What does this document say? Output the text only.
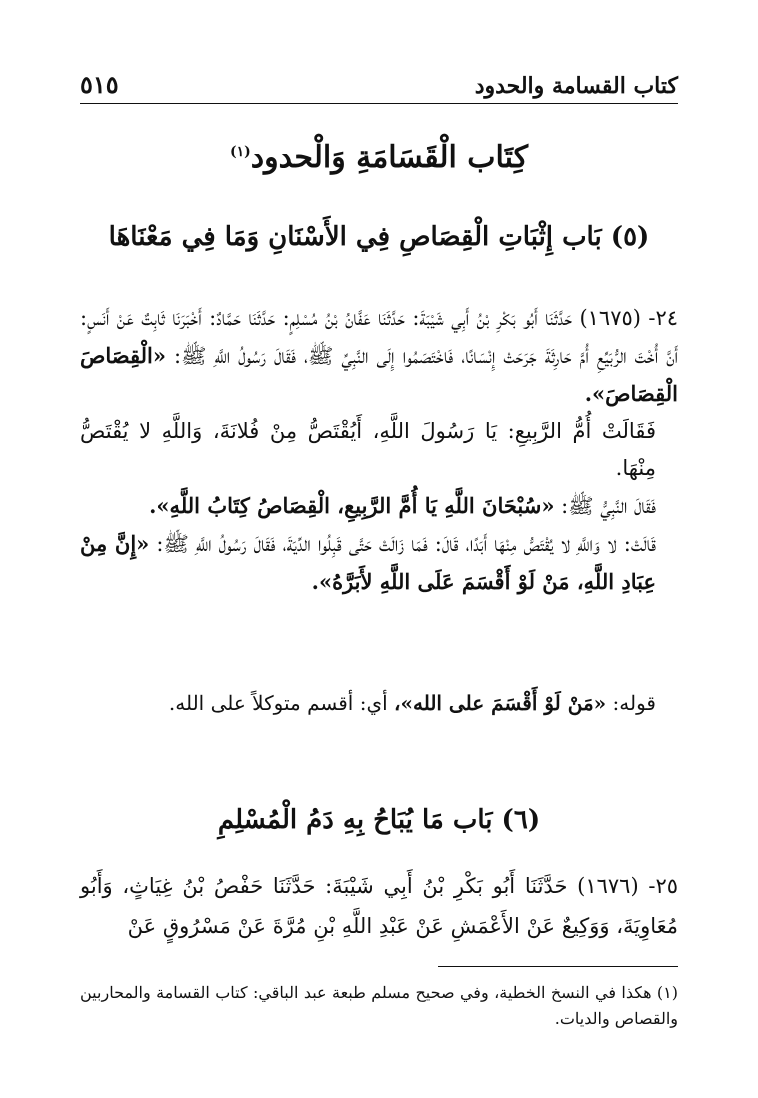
كتاب القسامة والحدود
٥١٥
كِتَاب الْقَسَامَةِ وَالْحدود$^{(١)}$
(٥) بَاب إِثْبَاتِ الْقِصَاصِ فِي الأَسْنَانِ وَمَا فِي مَعْنَاهَا

٢٤- (١٦٧٥) حَدَّثَنَا أَبُو بَكْرِ بْنُ أَبِي شَيْبَةَ: حَدَّثَنَا عَفَّانُ بْنُ مُسْلِمٍ: حَدَّثَنَا حَمَّادٌ: أَخْبَرَنَا ثَابِتٌ عَنْ أَنَسٍ: أَنَّ أُخْتَ الرُّبَيِّعِ أُمَّ حَارِثَةَ جَرَحَتْ إِنْسَانًا، فَاخْتَصَمُوا إِلَى النَّبِيِّ ﷺ، فَقَالَ رَسُولُ اللَّهِ ﷺ: «الْقِصَاصَ الْقِصَاصَ».

فَقَالَتْ أُمُّ الرَّبِيعِ: يَا رَسُولَ اللَّهِ، أَيُقْتَصُّ مِنْ فُلانَةَ، وَاللَّهِ لا يُقْتَصُّ مِنْهَا.

فَقَالَ النَّبِيُّ ﷺ: «سُبْحَانَ اللَّهِ يَا أُمَّ الرَّبِيعِ، الْقِصَاصُ كِتَابُ اللَّهِ».

قَالَتْ: لا وَاللَّهِ لا يُقْتَصُّ مِنْهَا أَبَدًا، قَالَ: فَمَا زَالَتْ حَتَّى قَبِلُوا الدِّيَةَ، فَقَالَ رَسُولُ اللَّهِ ﷺ: «إِنَّ مِنْ عِبَادِ اللَّهِ، مَنْ لَوْ أَقْسَمَ عَلَى اللَّهِ لأَبَرَّهُ».

قوله: «مَنْ لَوْ أَقْسَمَ على الله»، أي: أقسم متوكلاً على الله.
(٦) بَاب مَا يُبَاحُ بِهِ دَمُ الْمُسْلِمِ
٢٥- (١٦٧٦) حَدَّثَنَا أَبُو بَكْرِ بْنُ أَبِي شَيْبَةَ: حَدَّثَنَا حَفْصُ بْنُ غِيَاثٍ، وَأَبُو مُعَاوِيَةَ، وَوَكِيعٌ عَنْ الأَعْمَشِ عَنْ عَبْدِ اللَّهِ بْنِ مُرَّةَ عَنْ مَسْرُوقٍ عَنْ
(١) هكذا في النسخ الخطية، وفي صحيح مسلم طبعة عبد الباقي: كتاب القسامة والمحاربين والقصاص والديات.
